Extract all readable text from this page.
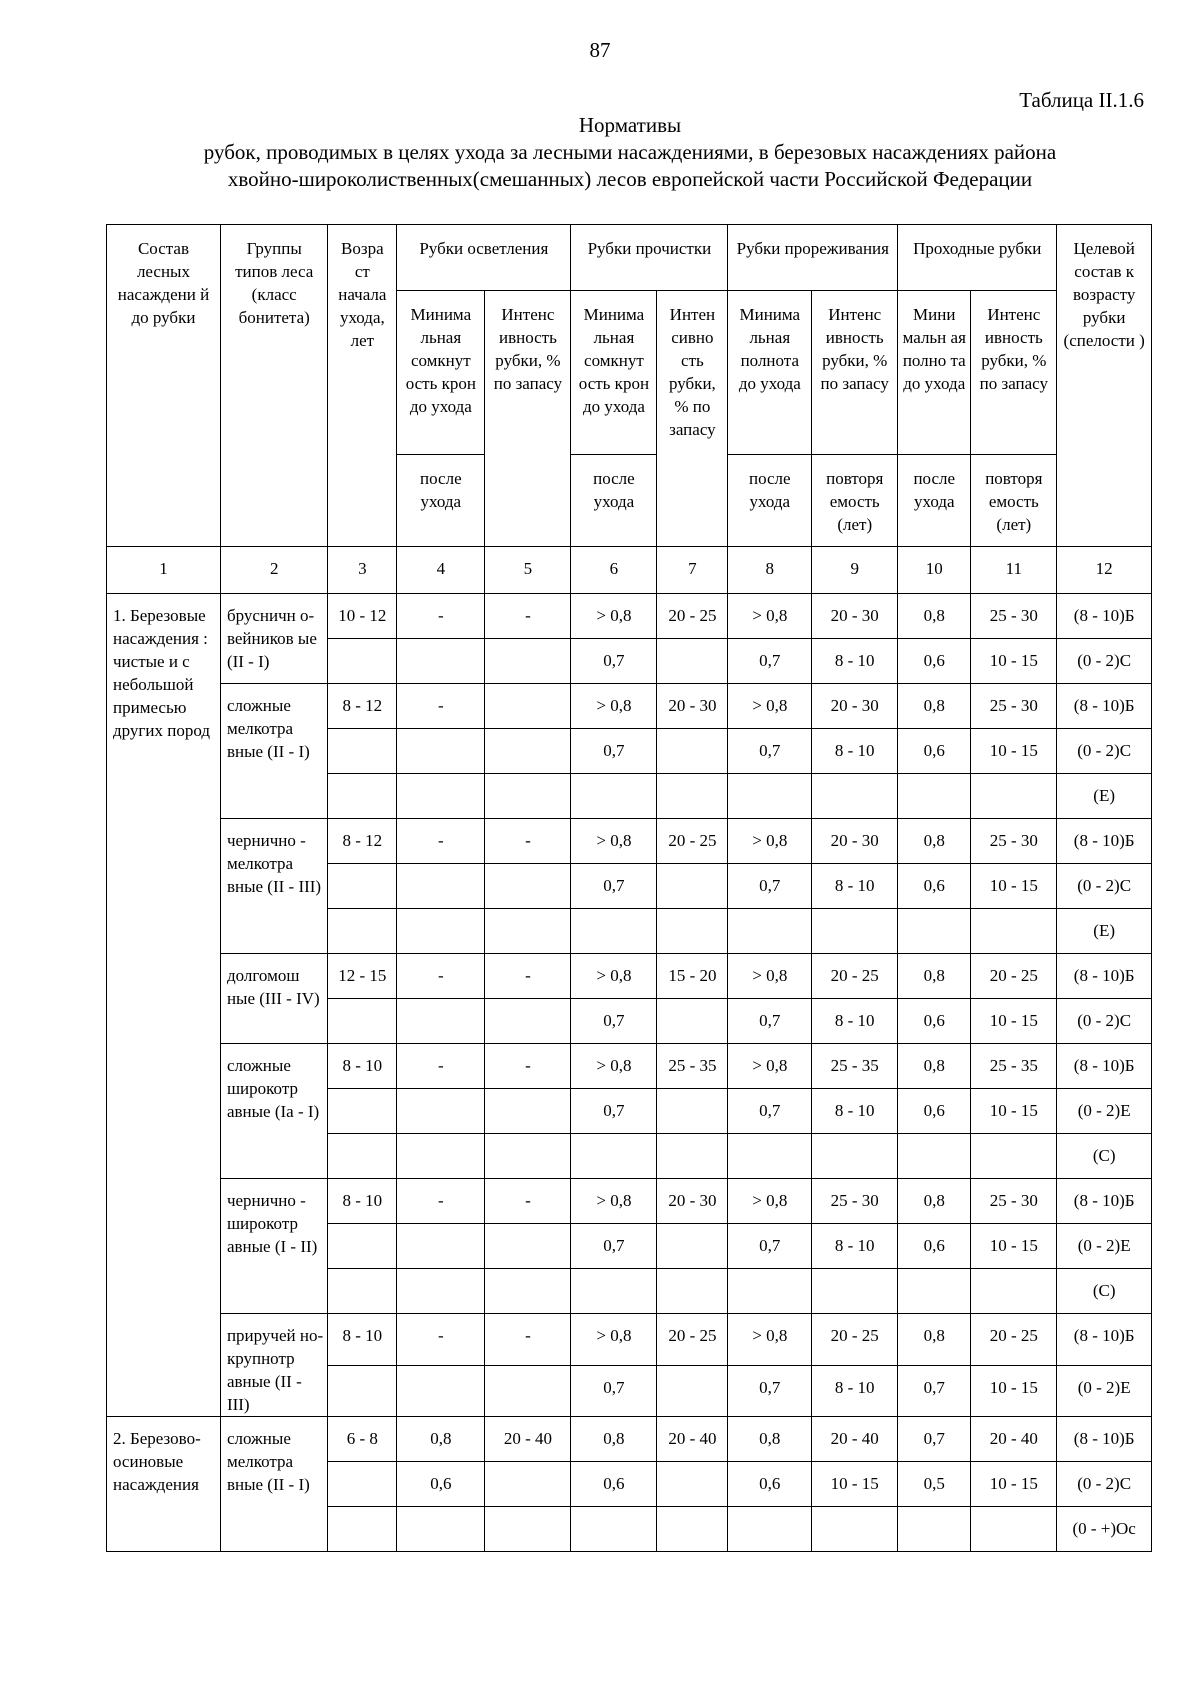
87
Таблица II.1.6
Нормативы
рубок, проводимых в целях ухода за лесными насаждениями, в березовых насаждениях района
хвойно-широколиственных(смешанных) лесов европейской части Российской Федерации
Состав лесных насаждени й до рубки	Группы типов леса (класс бонитета)	Возра ст начала ухода, лет	Рубки осветления		Рубки прочистки		Рубки прореживания		Проходные рубки		Целевой состав к возрасту рубки (спелости )
			Минима льная сомкнут ость крон до ухода	Интенс ивность рубки, % по запасу	Минима льная сомкнут ость крон до ухода	Интен сивно сть рубки, % по запасу	Минима льная полнота до ухода	Интенс ивность рубки, % по запасу	Мини мальн ая полно та до ухода	Интенс ивность рубки, % по запасу	
			после ухода		после ухода		после ухода	повторя емость (лет)	после ухода	повторя емость (лет)	
1	2	3	4	5	6	7	8	9	10	11	12
1. Березовые насаждения : чистые и с небольшой примесью других пород	брусничн о- вейников ые (II - I)	10 - 12	-	-	> 0,8	20 - 25	> 0,8	20 - 30	0,8	25 - 30	(8 - 10)Б
					0,7		0,7	8 - 10	0,6	10 - 15	(0 - 2)С
	сложные мелкотра вные (II - I)	8 - 12	-		> 0,8	20 - 30	> 0,8	20 - 30	0,8	25 - 30	(8 - 10)Б
					0,7		0,7	8 - 10	0,6	10 - 15	(0 - 2)С
											(Е)
	чернично - мелкотра вные (II - III)	8 - 12	-	-	> 0,8	20 - 25	> 0,8	20 - 30	0,8	25 - 30	(8 - 10)Б
					0,7		0,7	8 - 10	0,6	10 - 15	(0 - 2)С
											(Е)
	долгомош ные (III - IV)	12 - 15	-	-	> 0,8	15 - 20	> 0,8	20 - 25	0,8	20 - 25	(8 - 10)Б
					0,7		0,7	8 - 10	0,6	10 - 15	(0 - 2)С
	сложные широкотр авные (Ia - I)	8 - 10	-	-	> 0,8	25 - 35	> 0,8	25 - 35	0,8	25 - 35	(8 - 10)Б
					0,7		0,7	8 - 10	0,6	10 - 15	(0 - 2)Е
											(С)
	чернично - широкотр авные (I - II)	8 - 10	-	-	> 0,8	20 - 30	> 0,8	25 - 30	0,8	25 - 30	(8 - 10)Б
					0,7		0,7	8 - 10	0,6	10 - 15	(0 - 2)Е
											(С)
	приручей но- крупнотр авные (II - III)	8 - 10	-	-	> 0,8	20 - 25	> 0,8	20 - 25	0,8	20 - 25	(8 - 10)Б
					0,7		0,7	8 - 10	0,7	10 - 15	(0 - 2)Е
2. Березово- осиновые насаждения	сложные мелкотра вные (II - I)	6 - 8	0,8	20 - 40	0,8	20 - 40	0,8	20 - 40	0,7	20 - 40	(8 - 10)Б
			0,6		0,6		0,6	10 - 15	0,5	10 - 15	(0 - 2)С
											(0 - +)Ос
